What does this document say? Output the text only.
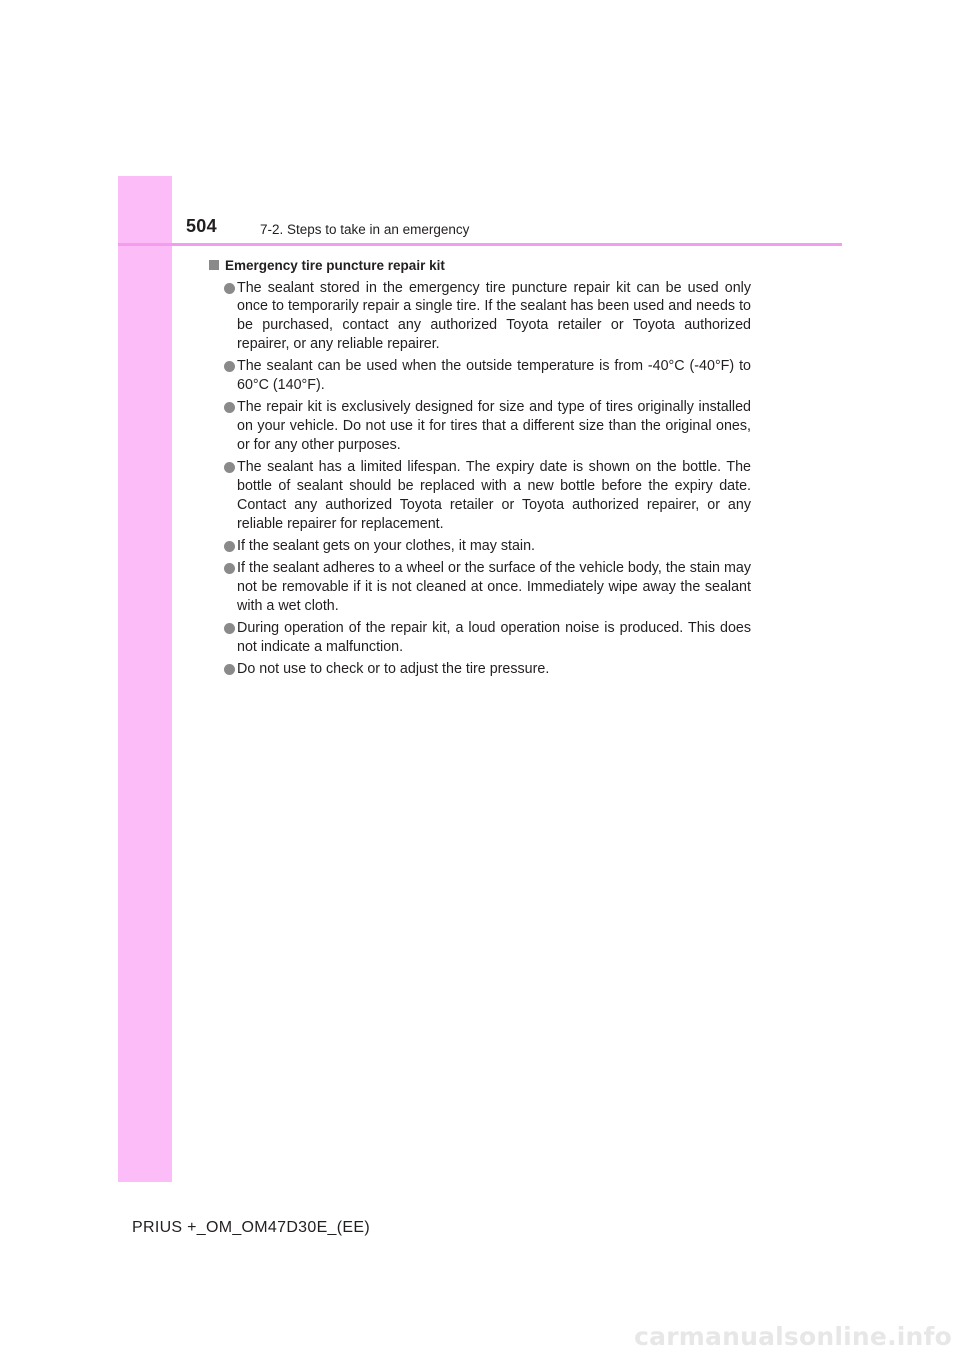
504	7-2. Steps to take in an emergency
Emergency tire puncture repair kit
The sealant stored in the emergency tire puncture repair kit can be used only once to temporarily repair a single tire. If the sealant has been used and needs to be purchased, contact any authorized Toyota retailer or Toyota authorized repairer, or any reliable repairer.
The sealant can be used when the outside temperature is from -40°C (-40°F) to 60°C (140°F).
The repair kit is exclusively designed for size and type of tires originally installed on your vehicle. Do not use it for tires that a different size than the original ones, or for any other purposes.
The sealant has a limited lifespan. The expiry date is shown on the bottle. The bottle of sealant should be replaced with a new bottle before the expiry date. Contact any authorized Toyota retailer or Toyota authorized repairer, or any reliable repairer for replacement.
If the sealant gets on your clothes, it may stain.
If the sealant adheres to a wheel or the surface of the vehicle body, the stain may not be removable if it is not cleaned at once. Immediately wipe away the sealant with a wet cloth.
During operation of the repair kit, a loud operation noise is produced. This does not indicate a malfunction.
Do not use to check or to adjust the tire pressure.
PRIUS +_OM_OM47D30E_(EE)
carmanualsonline.info
